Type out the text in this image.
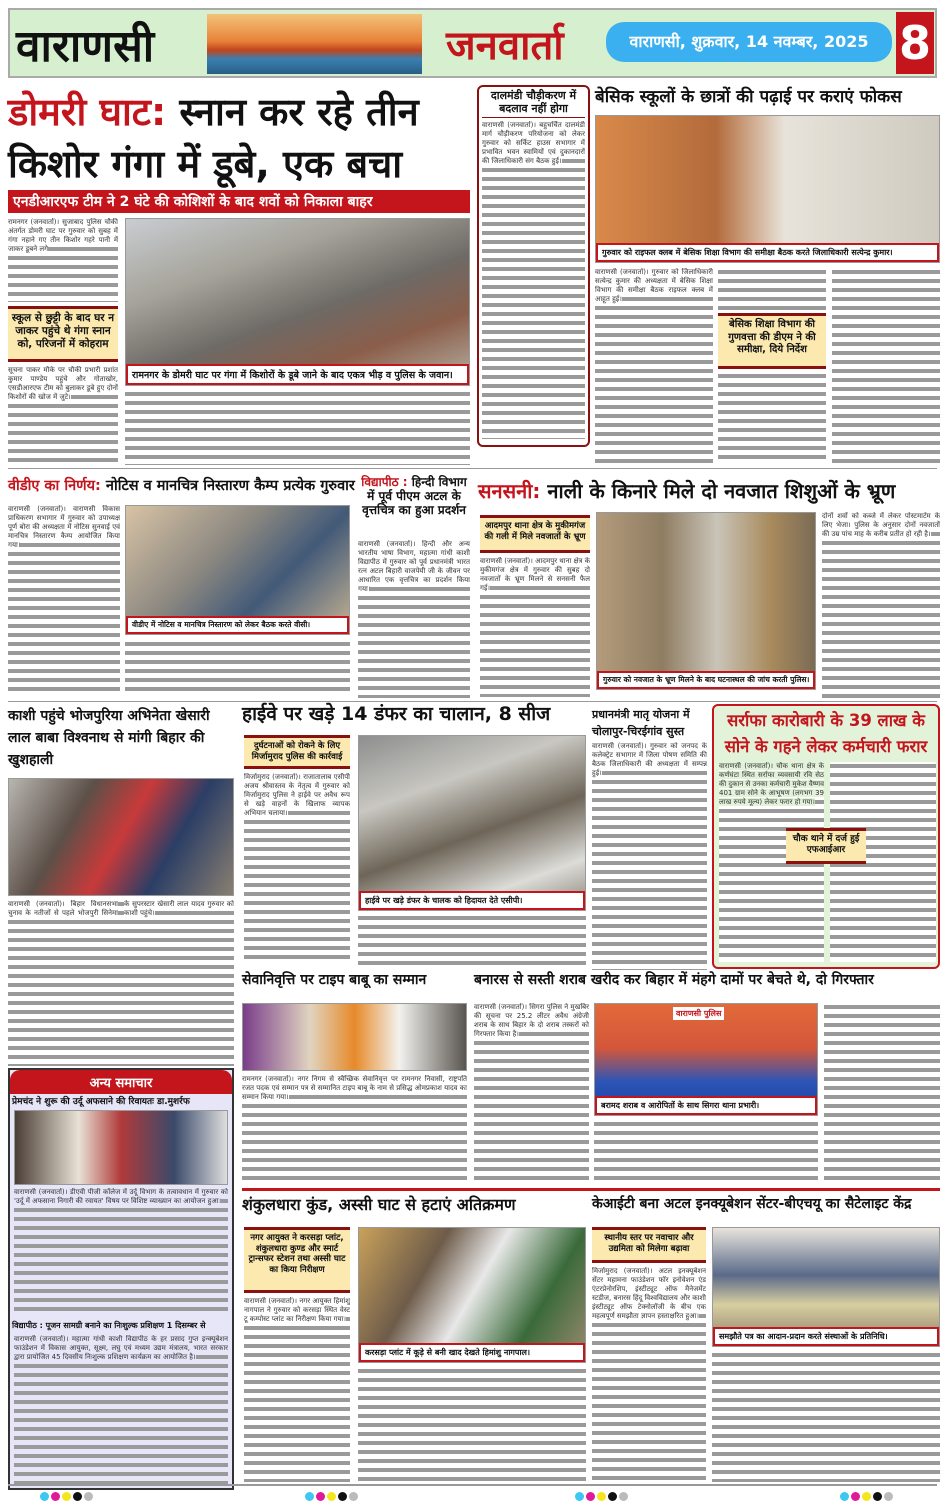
वाराणसी	जनवार्ता	वाराणसी, शुक्रवार, 14 नवम्बर, 2025 8
डोमरी घाट: स्नान कर रहे तीन
किशोर गंगा में डूबे, एक बचा
एनडीआरएफ टीम ने 2 घंटे की कोशिशों के बाद शवों को निकाला बाहर
रामनगर (जनवार्ता)। सुजाबाद पुलिस चौकी अंतर्गत डोमरी घाट पर गुरुवार को सुबह में गंगा नहाने गए तीन किशोर गहरे पानी में जाकर डूबने लगे
स्कूल से छुट्टी के बाद घर न जाकर पहुंचे थे गंगा स्नान को, परिजनों में कोहराम
सूचना पाकर मौके पर चौकी प्रभारी प्रशांत कुमार पाण्डेय पहुंचे और गोताखोर, एसडीआरएफ टीम को बुलाकर डूबे हुए दोनों किशोरों की खोज में जुटे।
रामनगर के डोमरी घाट पर गंगा में किशोरों के डूबे जाने के बाद एकत्र भीड़ व पुलिस के जवान।
दालमंडी चौड़ीकरण में बदलाव नहीं होगा
वाराणसी (जनवार्ता)। बहुचर्चित दालमंडी मार्ग चौड़ीकरण परियोजना को लेकर गुरुवार को सर्किट हाउस सभागार में प्रभावित भवन स्वामियों एवं दुकानदारों की जिलाधिकारी संग बैठक हुई।
बेसिक स्कूलों के छात्रों की पढ़ाई पर कराएं फोकस
गुरुवार को राइफल क्लब में बेसिक शिक्षा विभाग की समीक्षा बैठक करते जिलाधिकारी सत्येन्द्र कुमार।
वाराणसी (जनवार्ता)। गुरुवार को जिलाधिकारी सत्येन्द्र कुमार की अध्यक्षता में बेसिक शिक्षा विभाग की समीक्षा बैठक राइफल क्लब में आहूत हुई।
बेसिक शिक्षा विभाग की गुणवत्ता की डीएम ने की समीक्षा, दिये निर्देश
वीडीए का निर्णय: नोटिस व मानचित्र निस्तारण कैम्प प्रत्येक गुरुवार
वाराणसी (जनवार्ता)। वाराणसी विकास प्राधिकरण सभागार में गुरुवार को उपाध्यक्ष पूर्ण बोरा की अध्यक्षता में नोटिस सुनवाई एवं मानचित्र निस्तारण कैम्प आयोजित किया गया।
वीडीए में नोटिस व मानचित्र निस्तारण को लेकर बैठक करते वीसी।
विद्यापीठ : हिन्दी विभाग में पूर्व पीएम अटल के वृत्तचित्र का हुआ प्रदर्शन
वाराणसी (जनवार्ता)। हिन्दी और अन्य भारतीय भाषा विभाग, महात्मा गांधी काशी विद्यापीठ में गुरुवार को पूर्व प्रधानमंत्री भारत रत्न अटल बिहारी वाजपेयी जी के जीवन पर आधारित एक वृत्तचित्र का प्रदर्शन किया गया।
सनसनी: नाली के किनारे मिले दो नवजात शिशुओं के भ्रूण
आदमपुर थाना क्षेत्र के मुकीमगंज की गली में मिले नवजातों के भ्रूण
वाराणसी (जनवार्ता)। आदमपुर थाना क्षेत्र के मुकीमगंज क्षेत्र में गुरुवार की सुबह दो नवजातों के भ्रूण मिलने से सनसनी फैल गई।
गुरुवार को नवजात के भ्रूण मिलने के बाद घटनास्थल की जांच करती पुलिस।
दोनों शवों को कब्जे में लेकर पोस्टमार्टम के लिए भेजा। पुलिस के अनुसार दोनों नवजातों की उम्र पांच माह के करीब प्रतीत हो रही है।
काशी पहुंचे भोजपुरिया अभिनेता खेसारी लाल बाबा विश्वनाथ से मांगी बिहार की खुशहाली
वाराणसी (जनवार्ता)। बिहार विधानसभा चुनाव के नतीजों से पहले भोजपुरी सिनेमा के सुपरस्टार खेसारी लाल यादव गुरुवार को काशी पहुंचे।
हाईवे पर खड़े 14 डंफर का चालान, 8 सीज
दुर्घटनाओं को रोकने के लिए मिर्जामुराद पुलिस की कार्रवाई
मिर्जामुराद (जनवार्ता)। राजातालाब एसीपी अजय श्रीवास्तव के नेतृत्व में गुरुवार को मिर्जामुराद पुलिस ने हाईवे पर अवैध रूप से खड़े वाहनों के खिलाफ व्यापक अभियान चलाया।
हाईवे पर खड़े डंफर के चालक को हिदायत देते एसीपी।
प्रधानमंत्री मातृ योजना में चोलापुर-चिरईगांव सुस्त
वाराणसी (जनवार्ता)। गुरुवार को जनपद के कलेक्ट्रेट सभागार में जिला पोषण समिति की बैठक जिलाधिकारी की अध्यक्षता में सम्पन्न हुई।
सर्राफा कारोबारी के 39 लाख के सोने के गहने लेकर कर्मचारी फरार
वाराणसी (जनवार्ता)। चौक थाना क्षेत्र के कर्णघंटा स्थित सर्राफा व्यवसायी रवि सेठ की दुकान से उनका कर्मचारी मुकेश वैष्णव 401 ग्राम सोने के आभूषण (लगभग 39 लाख रुपये मूल्य) लेकर फरार हो गया।
चौक थाने में दर्ज हुई एफआईआर
सेवानिवृत्ति पर टाइप बाबू का सम्मान
रामनगर (जनवार्ता)। नगर निगम से स्वैच्छिक सेवानिवृत्त पर रामनगर निवासी, राष्ट्रपति रजत पदक एवं सम्मान पत्र से सम्मानित टाइप बाबू के नाम से प्रसिद्ध ओमप्रकाश यादव का सम्मान किया गया।
बनारस से सस्ती शराब खरीद कर बिहार में मंहगे दामों पर बेचते थे, दो गिरफ्तार
वाराणसी (जनवार्ता)। सिगरा पुलिस ने मुखबिर की सूचना पर 25.2 लीटर अवैध अंग्रेजी शराब के साथ बिहार के दो शराब तस्करों को गिरफ्तार किया है।
वाराणसी पुलिस
बरामद शराब व आरोपितों के साथ सिगरा थाना प्रभारी।
अन्य समाचार
प्रेमचंद ने शुरू की उर्दू अफसाने की रिवायतः डा.मुशर्रफ
वाराणसी (जनवार्ता)। डीएवी पीजी कॉलेज में उर्दू विभाग के तत्वावधान में गुरुवार को 'उर्दू में अफसाना निगारी की रवायत' विषय पर विशिष्ट व्याख्यान का आयोजन हुआ।
विद्यापीठ : पूजन सामग्री बनाने का निःशुल्क प्रशिक्षण 1 दिसम्बर से
वाराणसी (जनवार्ता)। महात्मा गांधी काशी विद्यापीठ के हर प्रसाद गुप्त इन्क्यूबेशन फाउंडेशन में विकास आयुक्त, सूक्ष्म, लघु एवं मध्यम उद्यम मंत्रालय, भारत सरकार द्वारा प्रायोजित 45 दिवसीय निःशुल्क प्रशिक्षण कार्यक्रम का आयोजित है।
शंकुलधारा कुंड, अस्सी घाट से हटाएं अतिक्रमण
नगर आयुक्त ने करसड़ा प्लांट, शंकुलधारा कुण्ड और स्मार्ट ट्रान्सफर स्टेशन तथा अस्सी घाट का किया निरीक्षण
वाराणसी (जनवार्ता)। नगर आयुक्त हिमांशु नागपाल ने गुरुवार को करसड़ा स्थित वेस्ट टू कम्पोस्ट प्लांट का निरीक्षण किया गया।
करसड़ा प्लांट में कूड़े से बनी खाद देखते हिमांशु नागपाल।
केआईटी बना अटल इनक्यूबेशन सेंटर-बीएचयू का सैटेलाइट केंद्र
स्थानीय स्तर पर नवाचार और उद्यमिता को मिलेगा बढ़ावा
मिर्जामुराद (जनवार्ता)। अटल इनक्यूबेशन सेंटर महामना फाउंडेशन फॉर इनोवेशन एंड एंटरप्रेनोरशिप, इंस्टीट्यूट ऑफ मैनेजमेंट स्टडीज, बनारस हिंदू विश्वविद्यालय और काशी इंस्टीट्यूट ऑफ टेक्नोलॉजी के बीच एक महत्वपूर्ण समझौता ज्ञापन हस्ताक्षरित हुआ।
समझौते पत्र का आदान-प्रदान करते संस्थाओं के प्रतिनिधि।
